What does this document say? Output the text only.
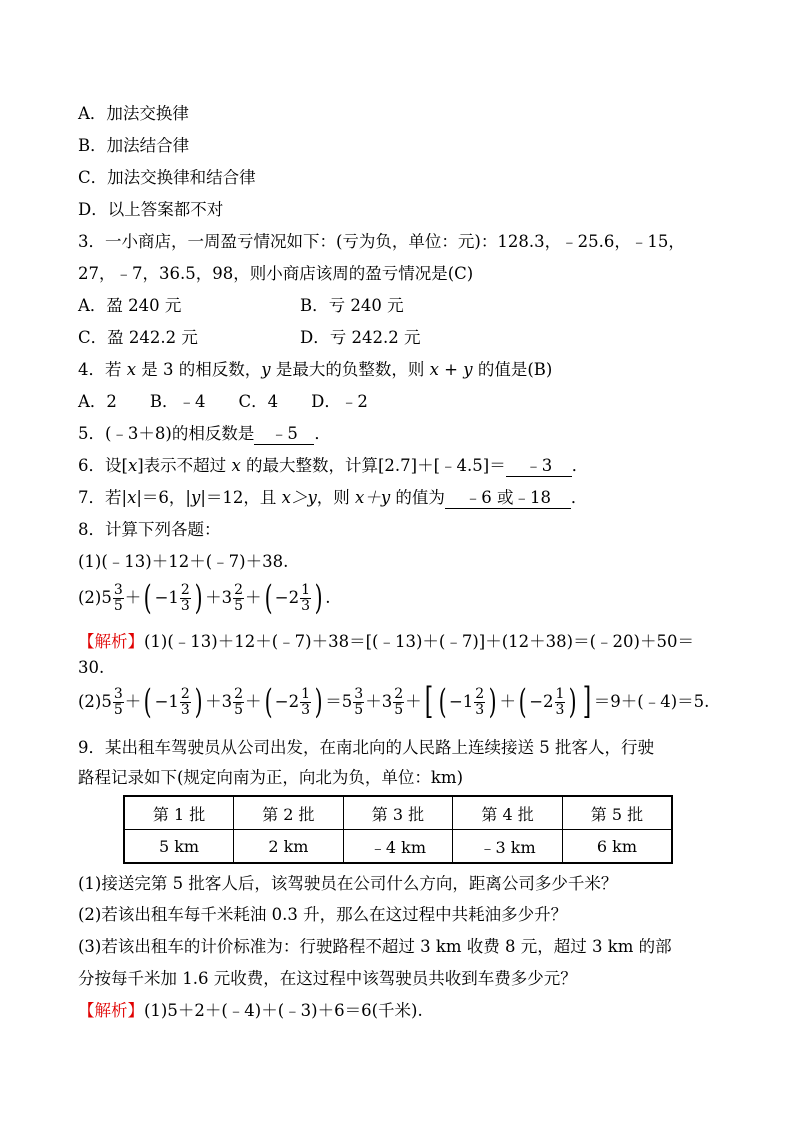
A．加法交换律
B．加法结合律
C．加法交换律和结合律
D．以上答案都不对
3．一小商店，一周盈亏情况如下：(亏为负，单位：元)：128.3，﹣25.6，﹣15，
27，﹣7，36.5，98，则小商店该周的盈亏情况是(C)
A．盈 240 元	B．亏 240 元
C．盈 242.2 元	D．亏 242.2 元
4．若 x 是 3 的相反数，y 是最大的负整数，则 x + y 的值是(B)
A．2　　B．﹣4　　C．4　　D．﹣2
5．(﹣3＋8)的相反数是 ﹣5 ．
6．设[x]表示不超过 x 的最大整数，计算[2.7]＋[﹣4.5]＝ ﹣3 ．
7．若|x|＝6，|y|＝12，且 x＞y，则 x＋y 的值为 ﹣6 或﹣18 ．
8．计算下列各题：
(1)(﹣13)＋12＋(﹣7)＋38.
(2) $5 \frac{3}{5}$ ＋ ( $-1 \frac{2}{3}$ ) ＋ $3 \frac{2}{5}$ ＋ ( $-2 \frac{1}{3}$ ) .
【解析】(1)(﹣13)＋12＋(﹣7)＋38＝[(﹣13)＋(﹣7)]＋(12＋38)＝(﹣20)＋50＝
30.
(2) $5 \frac{3}{5}$ ＋ ( $-1 \frac{2}{3}$ ) ＋ $3 \frac{2}{5}$ ＋ ( $-2 \frac{1}{3}$ ) ＝ $5 \frac{3}{5} + 3 \frac{2}{5}$ ＋ [ ( $-1 \frac{2}{3}$ ) ＋ ( $-2 \frac{1}{3}$ ) ] ＝9＋(﹣4)＝5.
9．某出租车驾驶员从公司出发，在南北向的人民路上连续接送 5 批客人，行驶
路程记录如下(规定向南为正，向北为负，单位：km)
第 1 批	第 2 批	第 3 批	第 4 批	第 5 批
5 km	2 km	﹣4 km	﹣3 km	6 km
(1)接送完第 5 批客人后，该驾驶员在公司什么方向，距离公司多少千米？
(2)若该出租车每千米耗油 0.3 升，那么在这过程中共耗油多少升？
(3)若该出租车的计价标准为：行驶路程不超过 3 km 收费 8 元，超过 3 km 的部
分按每千米加 1.6 元收费，在这过程中该驾驶员共收到车费多少元？
【解析】(1)5＋2＋(﹣4)＋(﹣3)＋6＝6(千米).
